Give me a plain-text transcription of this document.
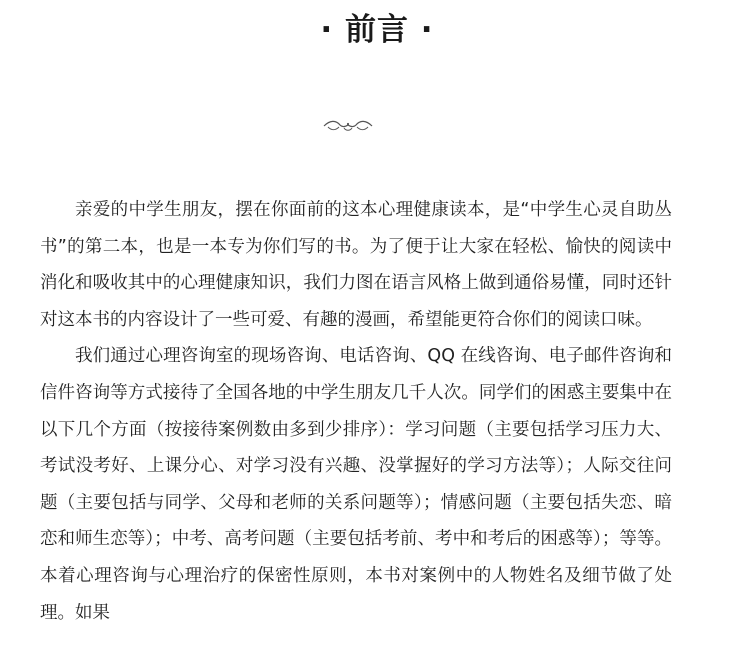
· 前言 ·

亲爱的中学生朋友，摆在你面前的这本心理健康读本，是“中学生心灵自助丛书”的第二本，也是一本专为你们写的书。为了便于让大家在轻松、愉快的阅读中消化和吸收其中的心理健康知识，我们力图在语言风格上做到通俗易懂，同时还针对这本书的内容设计了一些可爱、有趣的漫画，希望能更符合你们的阅读口味。

我们通过心理咨询室的现场咨询、电话咨询、QQ 在线咨询、电子邮件咨询和信件咨询等方式接待了全国各地的中学生朋友几千人次。同学们的困惑主要集中在以下几个方面（按接待案例数由多到少排序）：学习问题（主要包括学习压力大、考试没考好、上课分心、对学习没有兴趣、没掌握好的学习方法等）；人际交往问题（主要包括与同学、父母和老师的关系问题等）；情感问题（主要包括失恋、暗恋和师生恋等）；中考、高考问题（主要包括考前、考中和考后的困惑等）；等等。本着心理咨询与心理治疗的保密性原则，本书对案例中的人物姓名及细节做了处理。如果
